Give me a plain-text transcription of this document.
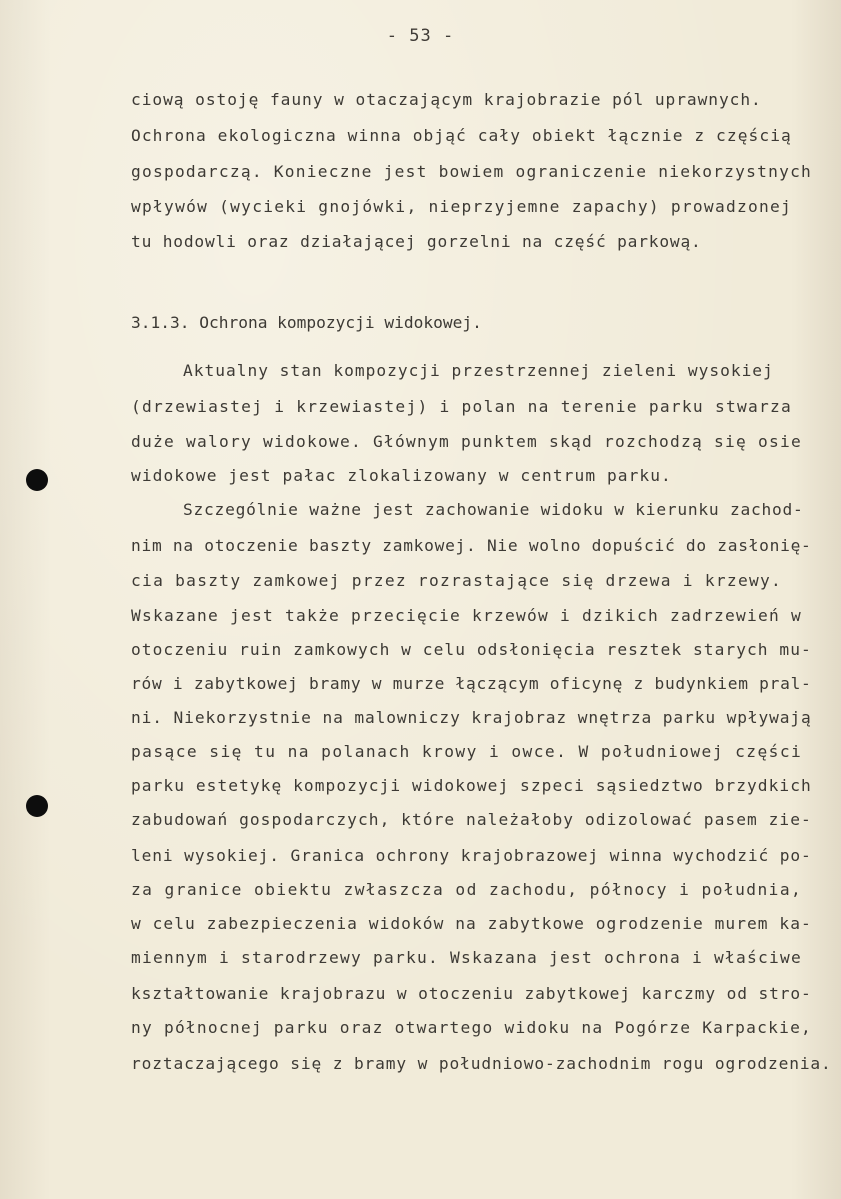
- 53 -
ciową ostoję fauny w otaczającym krajobrazie pól uprawnych.
Ochrona ekologiczna winna objąć cały obiekt łącznie z częścią
gospodarczą. Konieczne jest bowiem ograniczenie niekorzystnych
wpływów (wycieki gnojówki, nieprzyjemne zapachy) prowadzonej
tu hodowli oraz działającej gorzelni na część parkową.
3.1.3. Ochrona kompozycji widokowej.
Aktualny stan kompozycji przestrzennej zieleni wysokiej
(drzewiastej i krzewiastej) i polan na terenie parku stwarza
duże walory widokowe. Głównym punktem skąd rozchodzą się osie
widokowe jest pałac zlokalizowany w centrum parku.
Szczególnie ważne jest zachowanie widoku w kierunku zachod-
nim na otoczenie baszty zamkowej. Nie wolno dopuścić do zasłonię-
cia baszty zamkowej przez rozrastające się drzewa i krzewy.
Wskazane jest także przecięcie krzewów i dzikich zadrzewień w
otoczeniu ruin zamkowych w celu odsłonięcia resztek starych mu-
rów i zabytkowej bramy w murze łączącym oficynę z budynkiem pral-
ni. Niekorzystnie na malowniczy krajobraz wnętrza parku wpływają
pasące się tu na polanach krowy i owce. W południowej części
parku estetykę kompozycji widokowej szpeci sąsiedztwo brzydkich
zabudowań gospodarczych, które należałoby odizolować pasem zie-
leni wysokiej. Granica ochrony krajobrazowej winna wychodzić po-
za granice obiektu zwłaszcza od zachodu, północy i południa,
w celu zabezpieczenia widoków na zabytkowe ogrodzenie murem ka-
miennym i starodrzewy parku. Wskazana jest ochrona i właściwe
kształtowanie krajobrazu w otoczeniu zabytkowej karczmy od stro-
ny północnej parku oraz otwartego widoku na Pogórze Karpackie,
roztaczającego się z bramy w południowo-zachodnim rogu ogrodzenia.
